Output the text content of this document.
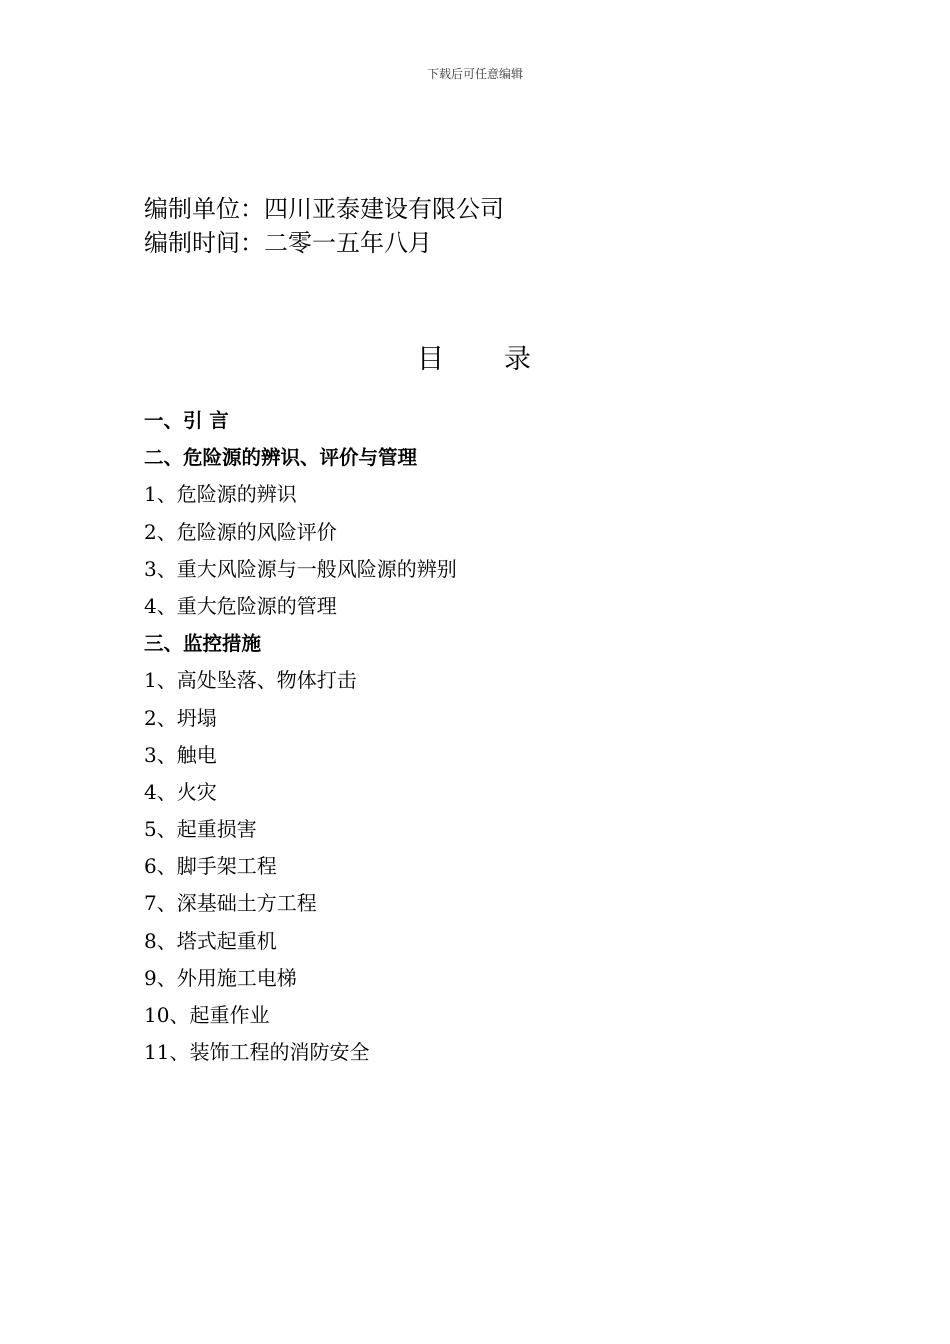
下载后可任意编辑
编制单位：四川亚泰建设有限公司
编制时间：二零一五年八月
目 录
一、引 言
二、危险源的辨识、评价与管理
1、危险源的辨识
2、危险源的风险评价
3、重大风险源与一般风险源的辨别
4、重大危险源的管理
三、监控措施
1、高处坠落、物体打击
2、坍塌
3、触电
4、火灾
5、起重损害
6、脚手架工程
7、深基础土方工程
8、塔式起重机
9、外用施工电梯
10、起重作业
11、装饰工程的消防安全
